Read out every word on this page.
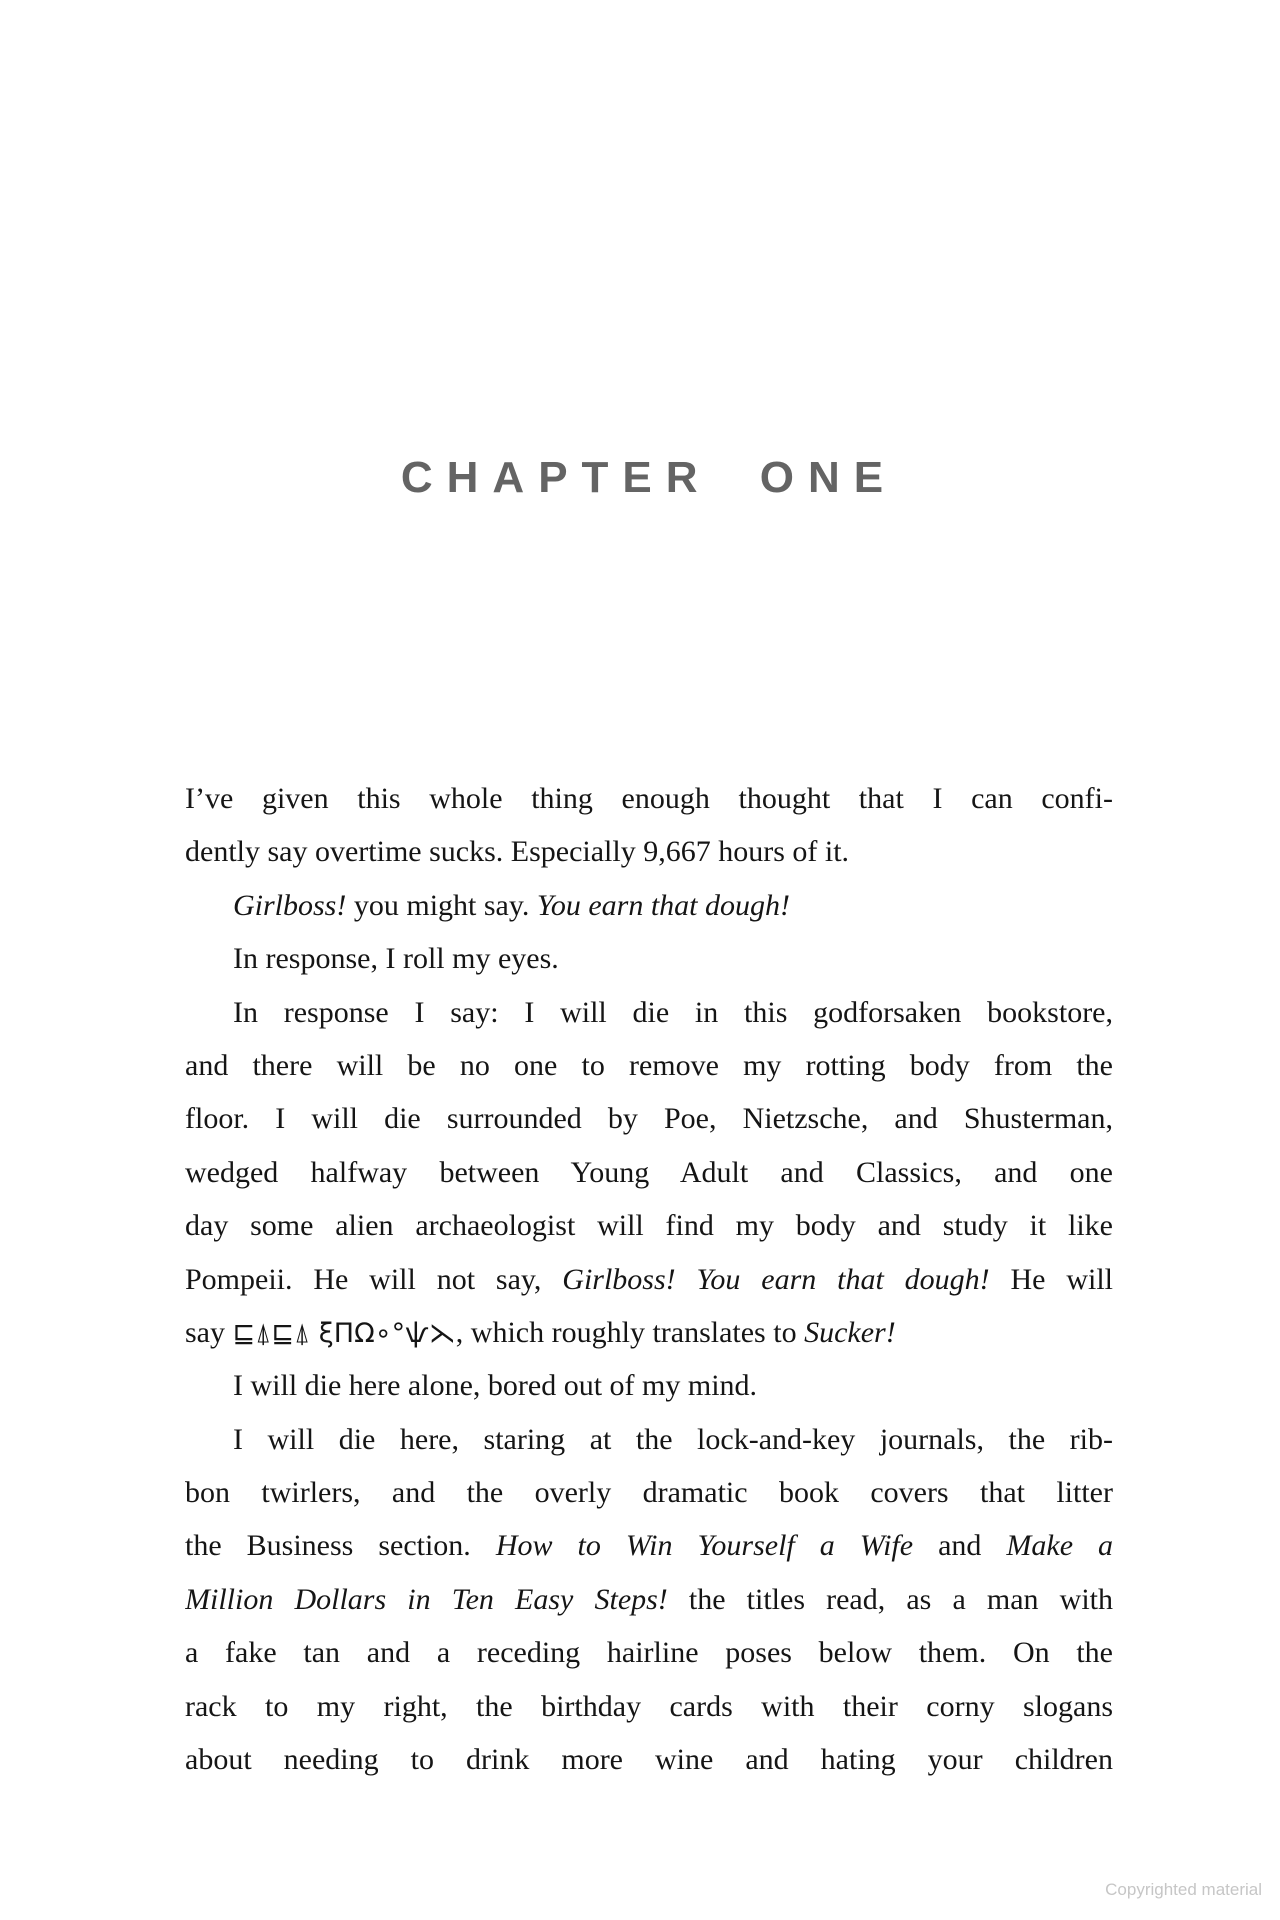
CHAPTER ONE
I’ve given this whole thing enough thought that I can confi-
dently say overtime sucks. Especially 9,667 hours of it.
Girlboss! you might say. You earn that dough!
In response, I roll my eyes.
In response I say: I will die in this godforsaken bookstore,
and there will be no one to remove my rotting body from the
floor. I will die surrounded by Poe, Nietzsche, and Shusterman,
wedged halfway between Young Adult and Classics, and one
day some alien archaeologist will find my body and study it like
Pompeii. He will not say, Girlboss! You earn that dough! He will
say ⊑⍋⊑⍋ ξΠΩ∘°ѱ⋋, which roughly translates to Sucker!
I will die here alone, bored out of my mind.
I will die here, staring at the lock-and-key journals, the rib-
bon twirlers, and the overly dramatic book covers that litter
the Business section. How to Win Yourself a Wife and Make a
Million Dollars in Ten Easy Steps! the titles read, as a man with
a fake tan and a receding hairline poses below them. On the
rack to my right, the birthday cards with their corny slogans
about needing to drink more wine and hating your children
Copyrighted material
